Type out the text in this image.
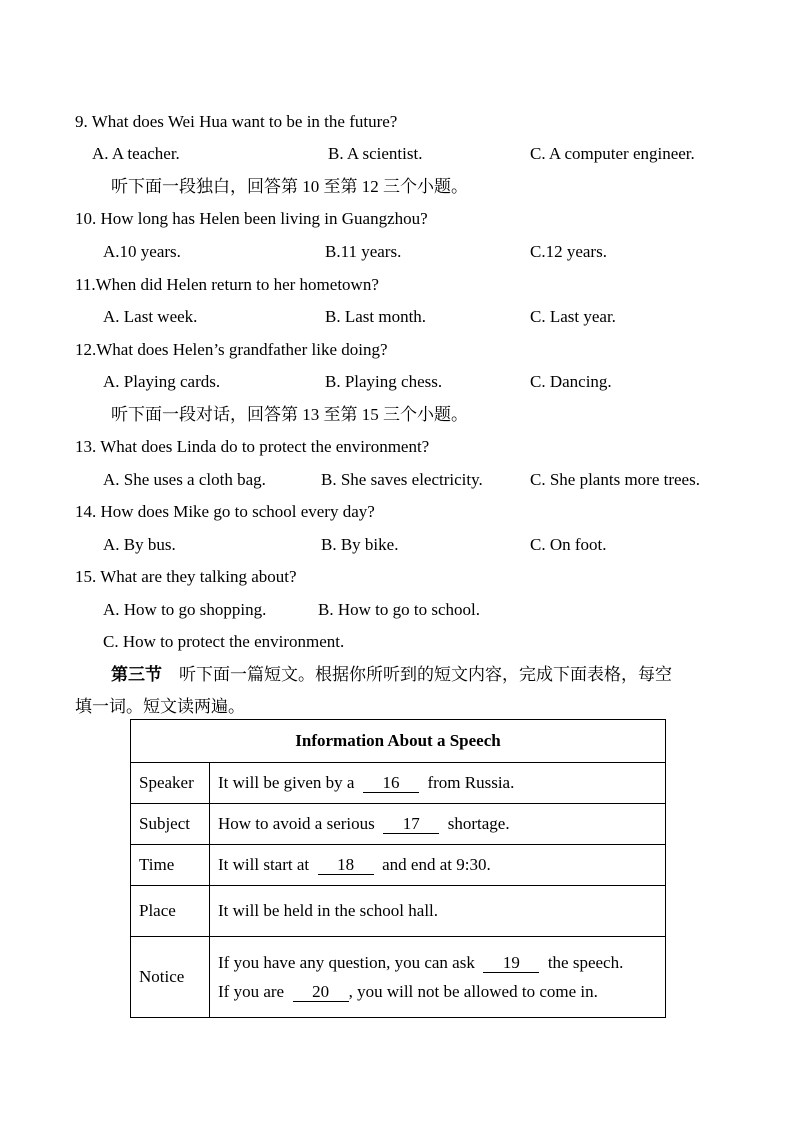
9. What does Wei Hua want to be in the future?
A. A teacher.	B. A scientist.	C. A computer engineer.
听下面一段独白，回答第 10 至第 12 三个小题。
10. How long has Helen been living in Guangzhou?
A.10 years.	B.11 years.	C.12 years.
11.When did Helen return to her hometown?
A. Last week.	B. Last month.	C. Last year.
12.What does Helen’s grandfather like doing?
A. Playing cards.	B. Playing chess.	C. Dancing.
听下面一段对话，回答第 13 至第 15 三个小题。
13. What does Linda do to protect the environment?
A. She uses a cloth bag.	B. She saves electricity.	C. She plants more trees.
14. How does Mike go to school every day?
A. By bus.	B. By bike.	C. On foot.
15. What are they talking about?
A. How to go shopping.	B. How to go to school.
C. How to protect the environment.
第三节 听下面一篇短文。根据你所听到的短文内容，完成下面表格，每空
填一词。短文读两遍。
Information About a Speech	
Speaker	It will be given by a 16 from Russia.
Subject	How to avoid a serious 17 shortage.
Time	It will start at 18 and end at 9:30.
Place	It will be held in the school hall.
Notice	If you have any question, you can ask 19 the speech.
If you are 20 , you will not be allowed to come in.
